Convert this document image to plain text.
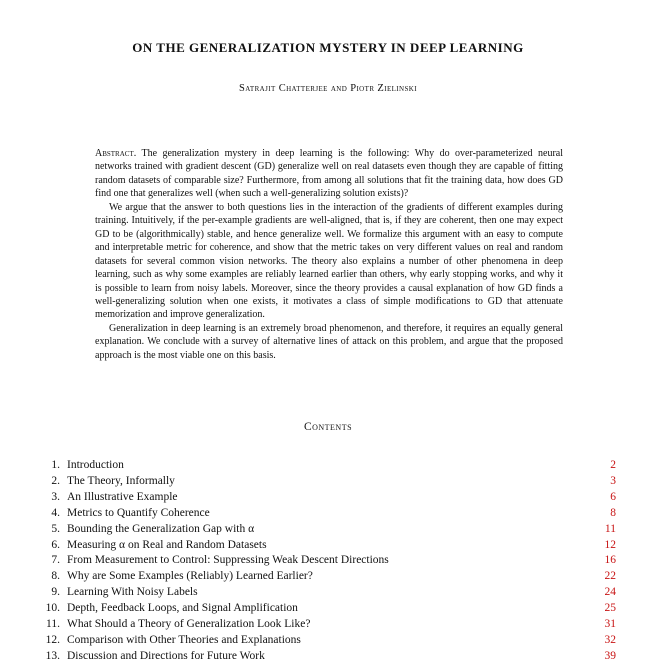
ON THE GENERALIZATION MYSTERY IN DEEP LEARNING
Satrajit Chatterjee and Piotr Zielinski

Abstract. The generalization mystery in deep learning is the following: Why do over-parameterized neural networks trained with gradient descent (GD) generalize well on real datasets even though they are capable of fitting random datasets of comparable size? Furthermore, from among all solutions that fit the training data, how does GD find one that generalizes well (when such a well-generalizing solution exists)?

We argue that the answer to both questions lies in the interaction of the gradients of different examples during training. Intuitively, if the per-example gradients are well-aligned, that is, if they are coherent, then one may expect GD to be (algorithmically) stable, and hence generalize well. We formalize this argument with an easy to compute and interpretable metric for coherence, and show that the metric takes on very different values on real and random datasets for several common vision networks. The theory also explains a number of other phenomena in deep learning, such as why some examples are reliably learned earlier than others, why early stopping works, and why it is possible to learn from noisy labels. Moreover, since the theory provides a causal explanation of how GD finds a well-generalizing solution when one exists, it motivates a class of simple modifications to GD that attenuate memorization and improve generalization.

Generalization in deep learning is an extremely broad phenomenon, and therefore, it requires an equally general explanation. We conclude with a survey of alternative lines of attack on this problem, and argue that the proposed approach is the most viable one on this basis.

Contents
1. Introduction	2
2. The Theory, Informally	3
3. An Illustrative Example	6
4. Metrics to Quantify Coherence	8
5. Bounding the Generalization Gap with α	11
6. Measuring α on Real and Random Datasets	12
7. From Measurement to Control: Suppressing Weak Descent Directions	16
8. Why are Some Examples (Reliably) Learned Earlier?	22
9. Learning With Noisy Labels	24
10. Depth, Feedback Loops, and Signal Amplification	25
11. What Should a Theory of Generalization Look Like?	31
12. Comparison with Other Theories and Explanations	32
13. Discussion and Directions for Future Work	39
